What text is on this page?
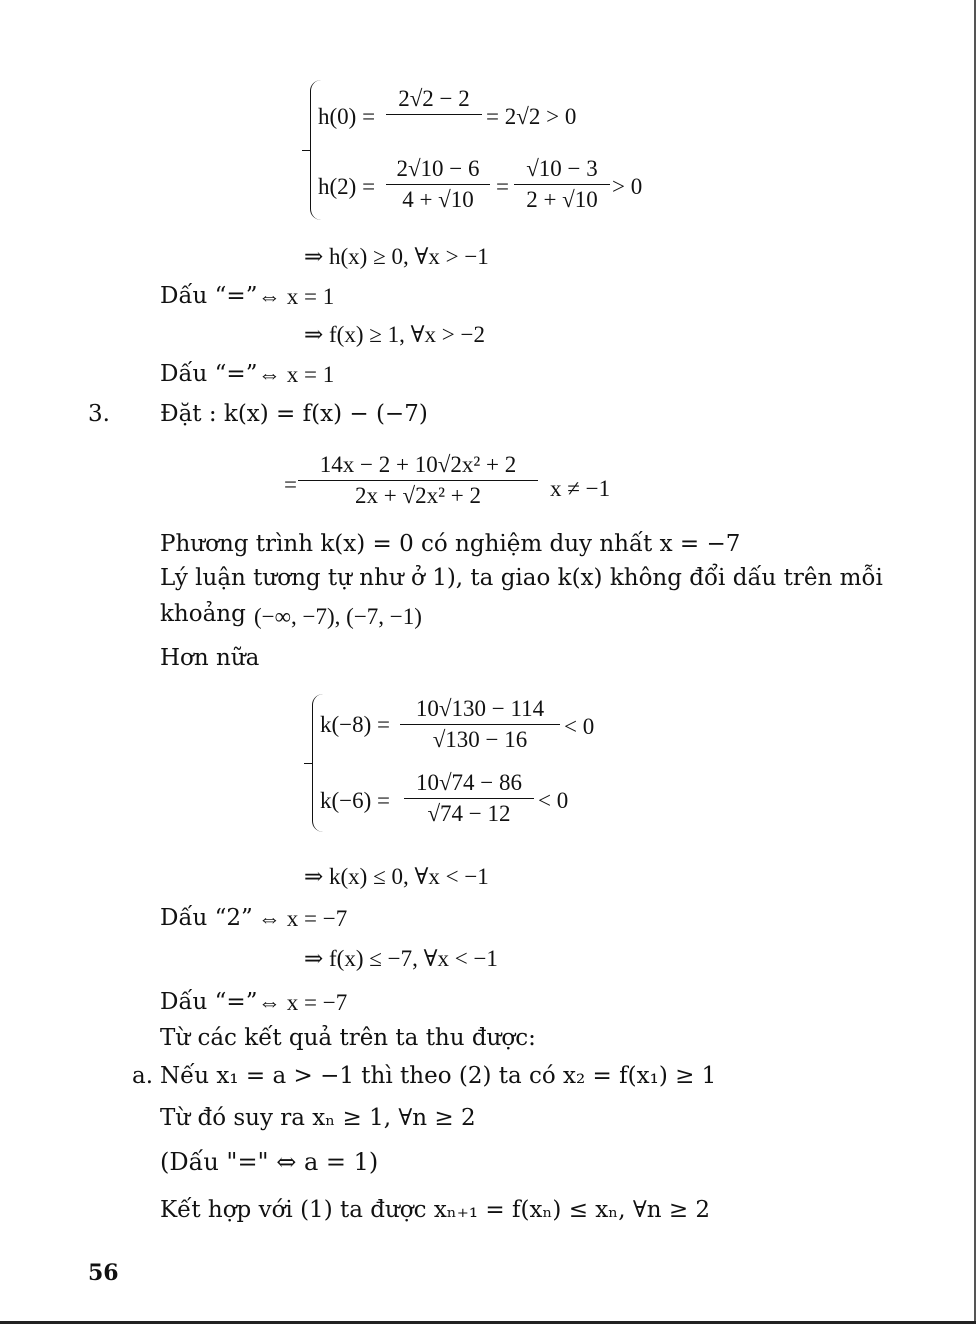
h(0) =
2√2 − 2
= 2√2 > 0
h(2) =
2√10 − 6
4 + √10
=
√10 − 3
2 + √10
> 0
⇒ h(x) ≥ 0, ∀x > −1
Dấu “=” ⇔ x = 1
⇒ f(x) ≥ 1, ∀x > −2
Dấu “=” ⇔ x = 1
3. Đặt : k(x) = f(x) − (−7)
=
14x − 2 + 10√2x² + 2
2x + √2x² + 2	x ≠ −1
Phương trình k(x) = 0 có nghiệm duy nhất x = −7
Lý luận tương tự như ở 1), ta giao k(x) không đổi dấu trên mỗi
khoảng (−∞, −7), (−7, −1)
Hơn nữa
k(−8) =
10√130 − 114
√130 − 16
< 0
k(−6) =
10√74 − 86
√74 − 12
< 0
⇒ k(x) ≤ 0, ∀x < −1
Dấu “2” ⇔ x = −7
⇒ f(x) ≤ −7, ∀x < −1
Dấu “=” ⇔ x = −7
Từ các kết quả trên ta thu được:
a. Nếu x₁ = a > −1 thì theo (2) ta có x₂ = f(x₁) ≥ 1
Từ đó suy ra xₙ ≥ 1, ∀n ≥ 2
(Dấu "=" ⇔ a = 1)
Kết hợp với (1) ta được xₙ₊₁ = f(xₙ) ≤ xₙ, ∀n ≥ 2
56
